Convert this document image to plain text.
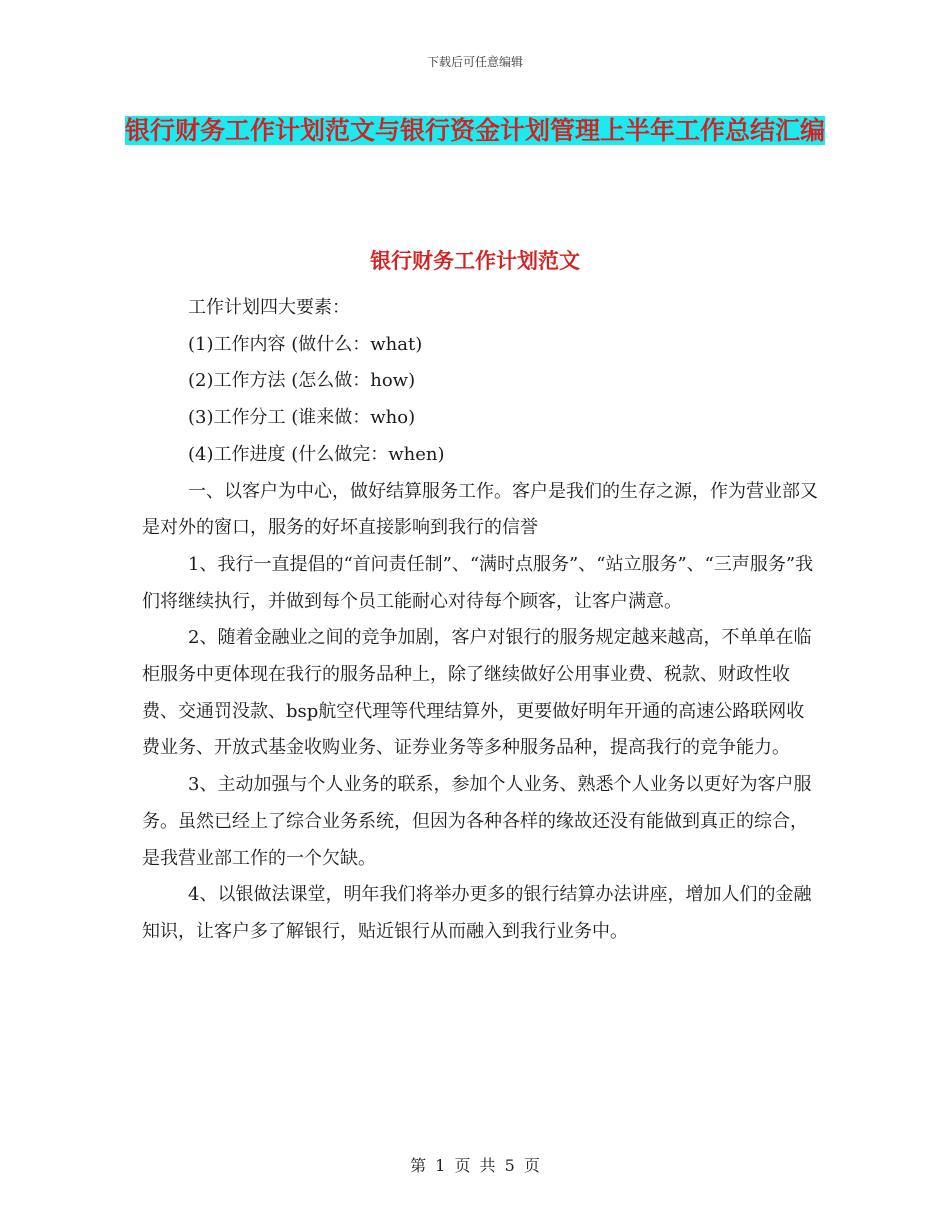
下载后可任意编辑
银行财务工作计划范文与银行资金计划管理上半年工作总结汇编
银行财务工作计划范文

工作计划四大要素：

(1)工作内容 (做什么：what)

(2)工作方法 (怎么做：how)

(3)工作分工 (谁来做：who)

(4)工作进度 (什么做完：when)

一、以客户为中心，做好结算服务工作。客户是我们的生存之源，作为营业部又是对外的窗口，服务的好坏直接影响到我行的信誉

1、我行一直提倡的“首问责任制”、“满时点服务”、“站立服务”、“三声服务”我们将继续执行，并做到每个员工能耐心对待每个顾客，让客户满意。

2、随着金融业之间的竞争加剧，客户对银行的服务规定越来越高，不单单在临柜服务中更体现在我行的服务品种上，除了继续做好公用事业费、税款、财政性收费、交通罚没款、bsp航空代理等代理结算外，更要做好明年开通的高速公路联网收费业务、开放式基金收购业务、证券业务等多种服务品种，提高我行的竞争能力。

3、主动加强与个人业务的联系，参加个人业务、熟悉个人业务以更好为客户服务。虽然已经上了综合业务系统，但因为各种各样的缘故还没有能做到真正的综合，是我营业部工作的一个欠缺。

4、以银做法课堂，明年我们将举办更多的银行结算办法讲座，增加人们的金融知识，让客户多了解银行，贴近银行从而融入到我行业务中。

第 1 页 共 5 页
